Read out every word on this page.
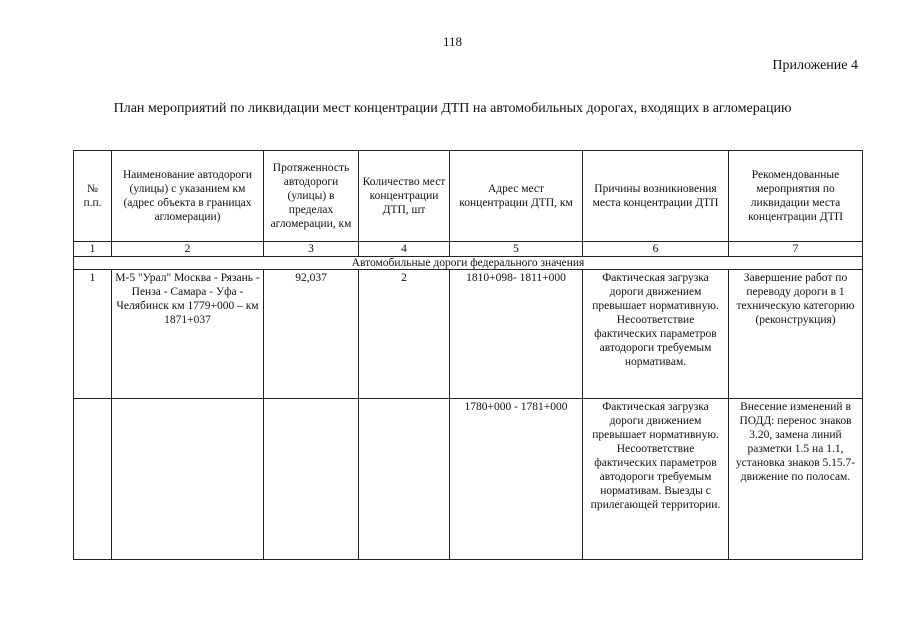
118
Приложение 4
План мероприятий по ликвидации мест концентрации ДТП на автомобильных дорогах, входящих в агломерацию
№ п.п.	Наименование автодороги (улицы) с указанием км (адрес объекта в границах агломерации)	Протяженность автодороги (улицы) в пределах агломерации, км	Количество мест концентрации ДТП, шт	Адрес мест концентрации ДТП, км	Причины возникновения места концентрации ДТП	Рекомендованные мероприятия по ликвидации места концентрации ДТП
1	2	3	4	5	6	7
Автомобильные дороги федерального значения						
1	М-5 "Урал" Москва - Рязань - Пенза - Самара - Уфа - Челябинск км 1779+000 – км 1871+037	92,037	2	1810+098- 1811+000	Фактическая загрузка дороги движением превышает нормативную. Несоответствие фактических параметров автодороги требуемым нормативам.	Завершение работ по переводу дороги в 1 техническую категорию (реконструкция)
				1780+000 - 1781+000	Фактическая загрузка дороги движением превышает нормативную. Несоответствие фактических параметров автодороги требуемым нормативам. Выезды с прилегающей территории.	Внесение изменений в ПОДД: перенос знаков 3.20, замена линий разметки 1.5 на 1.1, установка знаков 5.15.7-движение по полосам.
